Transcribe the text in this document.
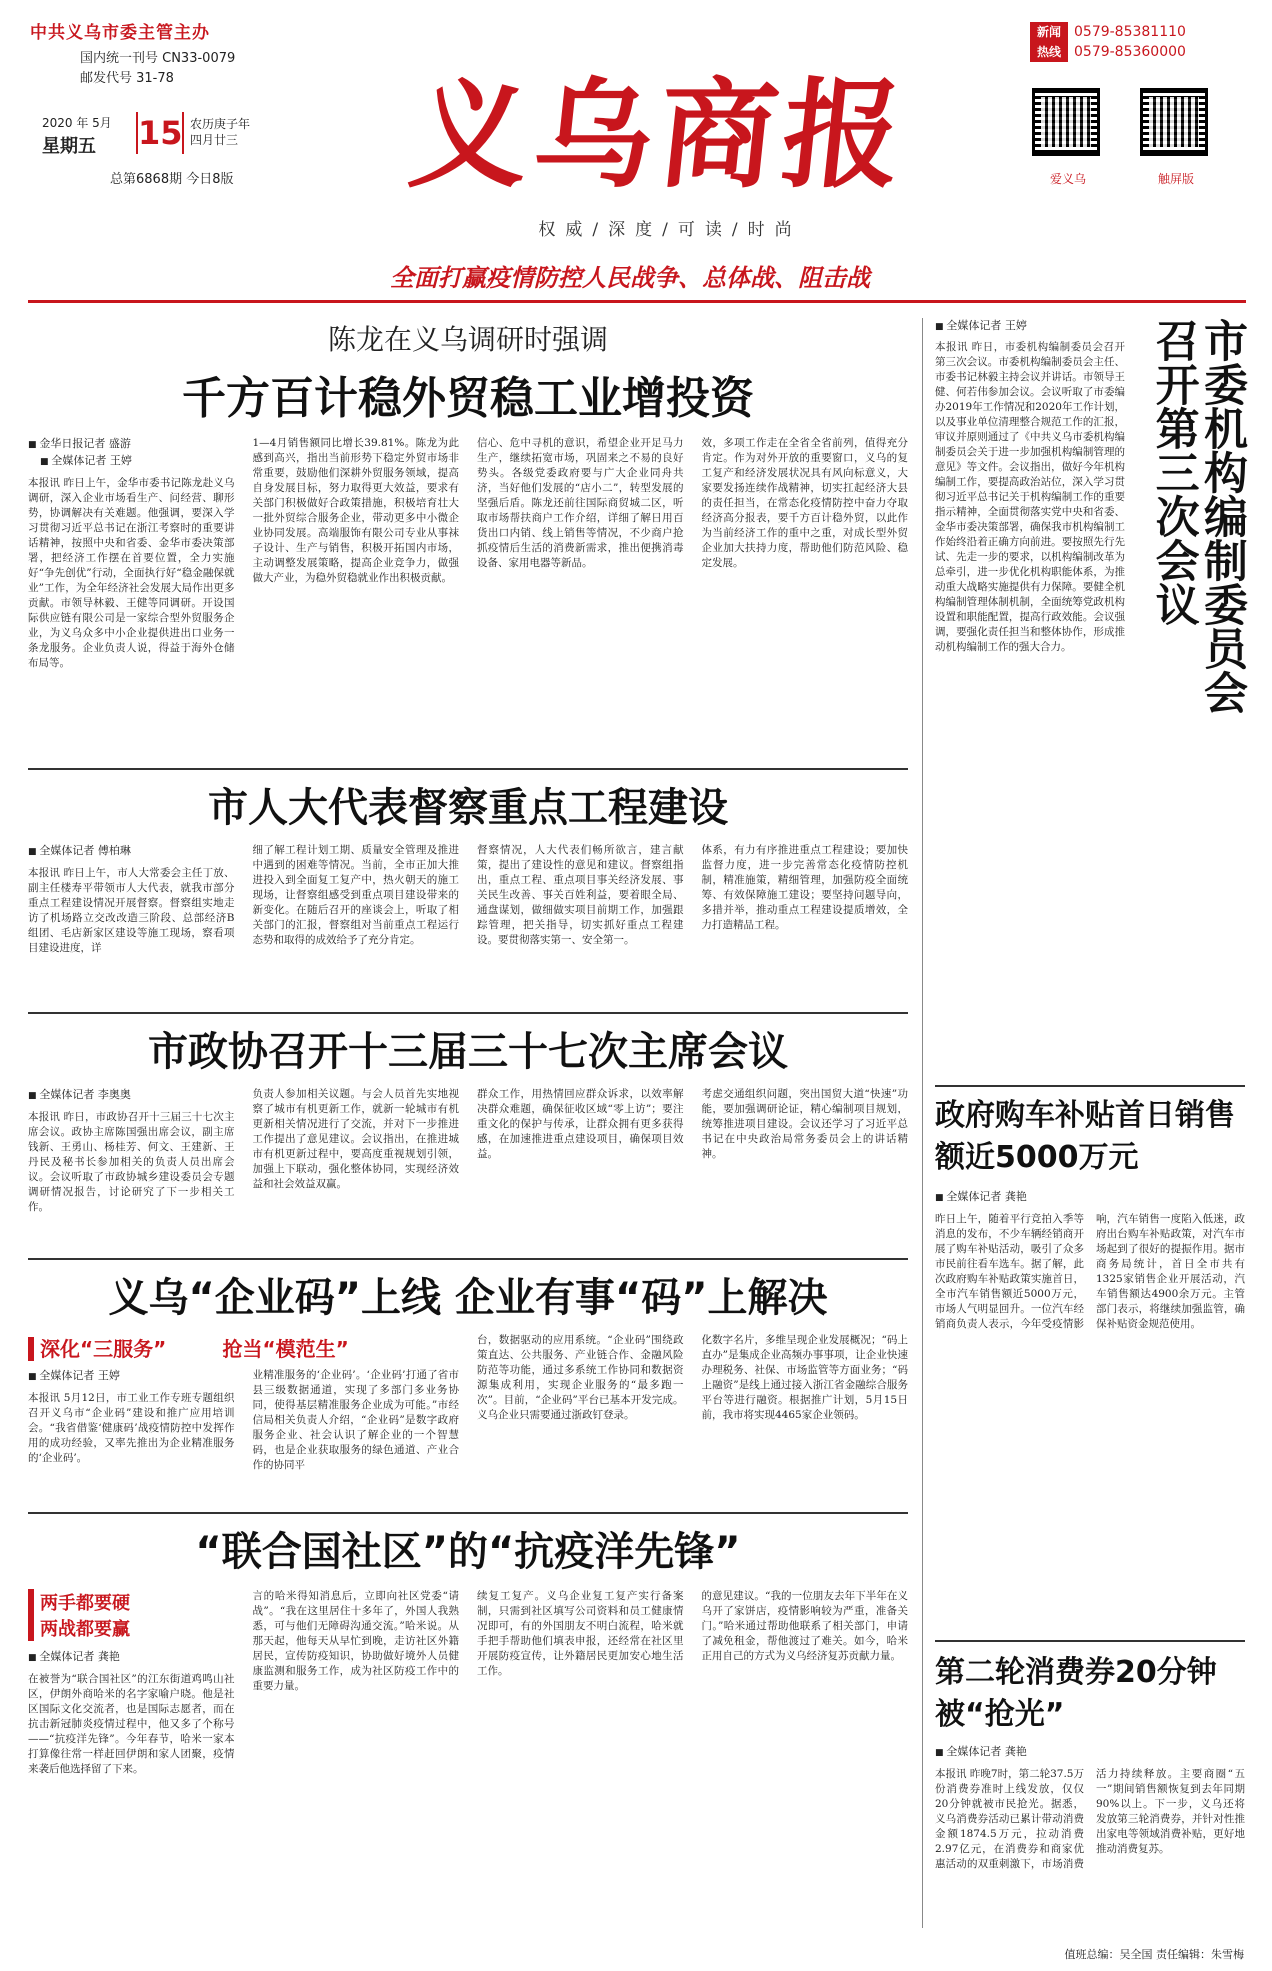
中共义乌市委主管主办
国内统一刊号 CN33-0079
邮发代号 31-78
2020 年 5月
星期五 15 农历庚子年
四月廿三
总第6868期 今日8版	义乌商报
权威/深度/可读/时尚
全面打赢疫情防控人民战争、总体战、阻击战
新闻
热线
0579-85381110
0579-85360000
爱义乌	触屏版
陈龙在义乌调研时强调
千方百计稳外贸稳工业增投资
■ 金华日报记者 盛游
■ 全媒体记者 王婷
本报讯 昨日上午，金华市委书记陈龙赴义乌调研，深入企业市场看生产、问经营、聊形势，协调解决有关难题。他强调，要深入学习贯彻习近平总书记在浙江考察时的重要讲话精神，按照中央和省委、金华市委决策部署，把经济工作摆在首要位置，全力实施好“争先创优”行动，全面执行好“稳金融保就业”工作，为全年经济社会发展大局作出更多贡献。市领导林毅、王健等同调研。开设国际供应链有限公司是一家综合型外贸服务企业，为义乌众多中小企业提供进出口业务一条龙服务。企业负责人说，得益于海外仓储布局等。
1—4月销售额同比增长39.81%。陈龙为此感到高兴，指出当前形势下稳定外贸市场非常重要，鼓励他们深耕外贸服务领域，提高自身发展目标，努力取得更大效益，要求有关部门积极做好合政策措施，积极培育壮大一批外贸综合服务企业，带动更多中小微企业协同发展。高端服饰有限公司专业从事袜子设计、生产与销售，积极开拓国内市场，主动调整发展策略，提高企业竞争力，做强做大产业，为稳外贸稳就业作出积极贡献。
信心、危中寻机的意识，希望企业开足马力生产，继续拓宽市场，巩固来之不易的良好势头。各级党委政府要与广大企业同舟共济，当好他们发展的“店小二”，转型发展的坚强后盾。陈龙还前往国际商贸城二区，听取市场帮扶商户工作介绍，详细了解日用百货出口内销、线上销售等情况，不少商户抢抓疫情后生活的消费新需求，推出便携消毒设备、家用电器等新品。
效，多项工作走在全省全省前列，值得充分肯定。作为对外开放的重要窗口，义乌的复工复产和经济发展状况具有风向标意义，大家要发扬连续作战精神，切实扛起经济大县的责任担当，在常态化疫情防控中奋力夺取经济高分报表，要千方百计稳外贸，以此作为当前经济工作的重中之重，对成长型外贸企业加大扶持力度，帮助他们防范风险、稳定发展。
市人大代表督察重点工程建设
■ 全媒体记者 傅柏琳
本报讯 昨日上午，市人大常委会主任丁放、副主任楼寿平带领市人大代表，就我市部分重点工程建设情况开展督察。督察组实地走访了机场路立交改改造三阶段、总部经济B组团、毛店新家区建设等施工现场，察看项目建设进度，详
细了解工程计划工期、质量安全管理及推进中遇到的困难等情况。当前，全市正加大推进投入到全面复工复产中，热火朝天的施工现场，让督察组感受到重点项目建设带来的新变化。在随后召开的座谈会上，听取了相关部门的汇报，督察组对当前重点工程运行态势和取得的成效给予了充分肯定。
督察情况，人大代表们畅所欲言，建言献策，提出了建设性的意见和建议。督察组指出，重点工程、重点项目事关经济发展、事关民生改善、事关百姓利益，要着眼全局、通盘谋划，做细做实项目前期工作，加强跟踪管理，把关指导，切实抓好重点工程建设。要贯彻落实第一、安全第一。
体系，有力有序推进重点工程建设；要加快监督力度，进一步完善常态化疫情防控机制，精准施策，精细管理，加强防疫全面统筹、有效保障施工建设；要坚持问题导向，多措并举，推动重点工程建设提质增效，全力打造精品工程。
市政协召开十三届三十七次主席会议
■ 全媒体记者 李奥奥
本报讯 昨日，市政协召开十三届三十七次主席会议。政协主席陈国强出席会议，副主席钱新、王勇山、杨桂芳、何文、王建新、王丹民及秘书长参加相关的负责人员出席会议。会议听取了市政协城乡建设委员会专题调研情况报告，讨论研究了下一步相关工作。
负责人参加相关议题。与会人员首先实地视察了城市有机更新工作，就新一轮城市有机更新相关情况进行了交流，并对下一步推进工作提出了意见建议。会议指出，在推进城市有机更新过程中，要高度重视规划引领，加强上下联动，强化整体协同，实现经济效益和社会效益双赢。
群众工作，用热情回应群众诉求，以效率解决群众难题，确保征收区域“零上访”；要注重文化的保护与传承，让群众拥有更多获得感，在加速推进重点建设项目，确保项目效益。
考虑交通组织问题，突出国贸大道“快速”功能，要加强调研论证，精心编制项目规划，统筹推进项目建设。会议还学习了习近平总书记在中央政治局常务委员会上的讲话精神。
义乌“企业码”上线 企业有事“码”上解决
深化“三服务”
■ 全媒体记者 王婷
本报讯 5月12日，市工业工作专班专题组织召开义乌市“企业码”建设和推广应用培训会。“我省借鉴‘健康码’战疫情防控中发挥作用的成功经验，又率先推出为企业精准服务的‘企业码’。
抢当“模范生”
业精准服务的‘企业码’。‘企业码’打通了省市县三级数据通道，实现了多部门多业务协同，使得基层精准服务企业成为可能。”市经信局相关负责人介绍，“企业码”是数字政府服务企业、社会认识了解企业的一个智慧码，也是企业获取服务的绿色通道、产业合作的协同平
台，数据驱动的应用系统。“企业码”围绕政策直达、公共服务、产业链合作、金融风险防范等功能，通过多系统工作协同和数据资源集成利用，实现企业服务的“最多跑一次”。目前，“企业码”平台已基本开发完成。义乌企业只需要通过浙政钉登录。
化数字名片，多维呈现企业发展概况；“码上直办”是集成企业高频办事事项，让企业快速办理税务、社保、市场监管等方面业务；“码上融资”是线上通过接入浙江省金融综合服务平台等进行融资。根据推广计划，5月15日前，我市将实现4465家企业领码。
“联合国社区”的“抗疫洋先锋”
两手都要硬
两战都要赢
■ 全媒体记者 龚艳
在被誉为“联合国社区”的江东街道鸡鸣山社区，伊朗外商哈米的名字家喻户晓。他是社区国际文化交流者，也是国际志愿者，而在抗击新冠肺炎疫情过程中，他又多了个称号——“抗疫洋先锋”。今年春节，哈米一家本打算像往常一样赶回伊朗和家人团聚，疫情来袭后他选择留了下来。
言的哈米得知消息后，立即向社区党委“请战”。“我在这里居住十多年了，外国人我熟悉，可与他们无障碍沟通交流。”哈米说。从那天起，他每天从早忙到晚，走访社区外籍居民，宣传防疫知识，协助做好境外人员健康监测和服务工作，成为社区防疫工作中的重要力量。
续复工复产。义乌企业复工复产实行备案制，只需到社区填写公司资料和员工健康情况即可，有的外国朋友不明白流程，哈米就手把手帮助他们填表申报，还经常在社区里开展防疫宣传，让外籍居民更加安心地生活工作。
的意见建议。“我的一位朋友去年下半年在义乌开了家饼店，疫情影响较为严重，准备关门。”哈米通过帮助他联系了相关部门，申请了减免租金，帮他渡过了难关。如今，哈米正用自己的方式为义乌经济复苏贡献力量。
■ 全媒体记者 王婷	市委机构编制委员会召开第三次会议
本报讯 昨日，市委机构编制委员会召开第三次会议。市委机构编制委员会主任、市委书记林毅主持会议并讲话。市领导王健、何若伟参加会议。会议听取了市委编办2019年工作情况和2020年工作计划，以及事业单位清理整合规范工作的汇报，审议并原则通过了《中共义乌市委机构编制委员会关于进一步加强机构编制管理的意见》等文件。会议指出，做好今年机构编制工作，要提高政治站位，深入学习贯彻习近平总书记关于机构编制工作的重要指示精神，全面贯彻落实党中央和省委、金华市委决策部署，确保我市机构编制工作始终沿着正确方向前进。要按照先行先试、先走一步的要求，以机构编制改革为总牵引，进一步优化机构职能体系，为推动重大战略实施提供有力保障。要健全机构编制管理体制机制，全面统筹党政机构设置和职能配置，提高行政效能。会议强调，要强化责任担当和整体协作，形成推动机构编制工作的强大合力。
政府购车补贴首日销售额近5000万元
■ 全媒体记者 龚艳
昨日上午，随着平行竞拍入季等消息的发布，不少车辆经销商开展了购车补贴活动，吸引了众多市民前往看车选车。据了解，此次政府购车补贴政策实施首日，全市汽车销售额近5000万元，市场人气明显回升。一位汽车经销商负责人表示，今年受疫情影响，汽车销售一度陷入低迷，政府出台购车补贴政策，对汽车市场起到了很好的提振作用。据市商务局统计，首日全市共有1325家销售企业开展活动，汽车销售额达4900余万元。主管部门表示，将继续加强监管，确保补贴资金规范使用。
第二轮消费券20分钟被“抢光”
■ 全媒体记者 龚艳
本报讯 昨晚7时，第二轮37.5万份消费券准时上线发放，仅仅20分钟就被市民抢光。据悉，义乌消费券活动已累计带动消费金额1874.5万元，拉动消费2.97亿元，在消费券和商家优惠活动的双重刺激下，市场消费活力持续释放。主要商圈“五一”期间销售额恢复到去年同期90%以上。下一步，义乌还将发放第三轮消费券，并针对性推出家电等领域消费补贴，更好地推动消费复苏。
值班总编：吴全国 责任编辑：朱雪梅
